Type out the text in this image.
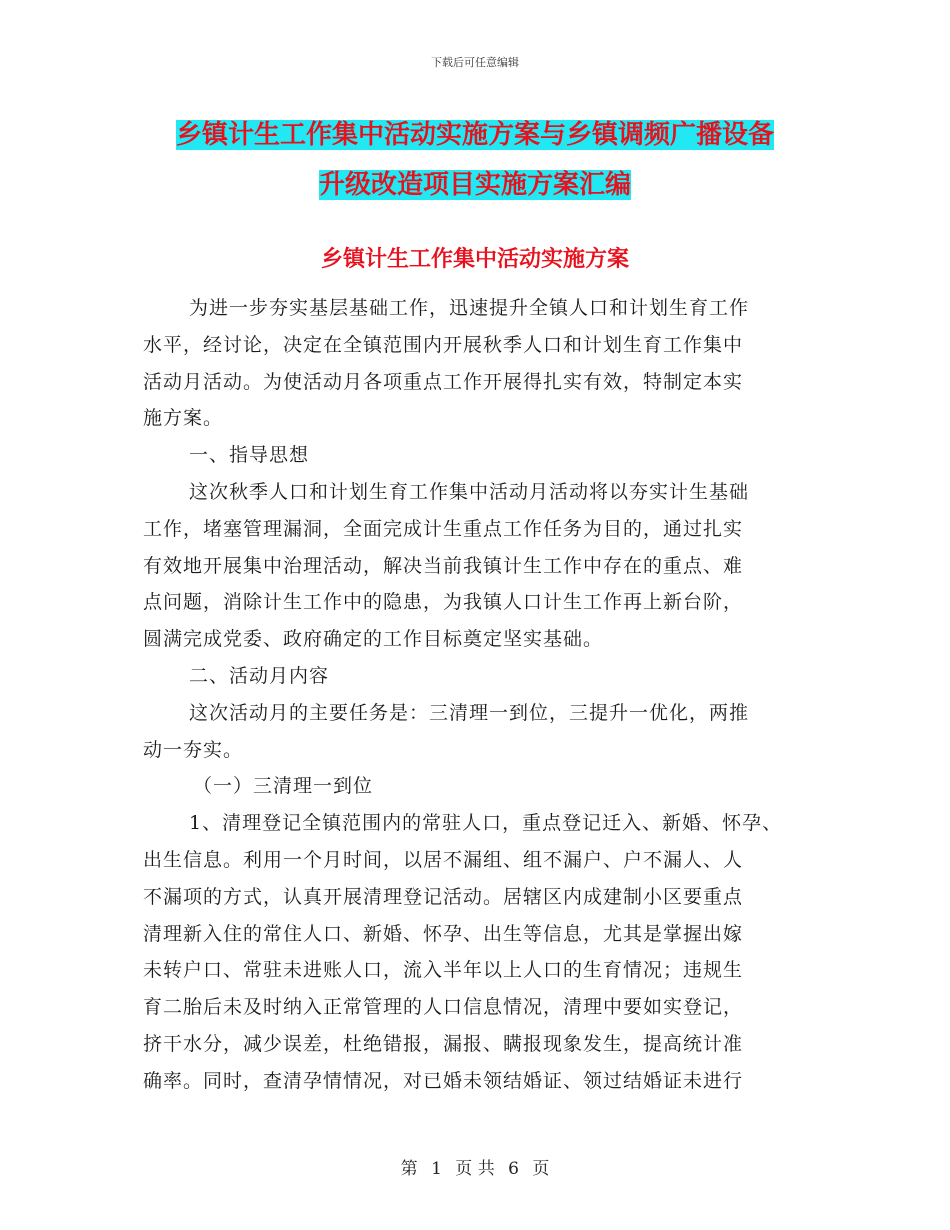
下载后可任意编辑
乡镇计生工作集中活动实施方案与乡镇调频广播设备
升级改造项目实施方案汇编
乡镇计生工作集中活动实施方案
为进一步夯实基层基础工作，迅速提升全镇人口和计划生育工作
水平，经讨论，决定在全镇范围内开展秋季人口和计划生育工作集中
活动月活动。为使活动月各项重点工作开展得扎实有效，特制定本实
施方案。
一、指导思想
这次秋季人口和计划生育工作集中活动月活动将以夯实计生基础
工作，堵塞管理漏洞，全面完成计生重点工作任务为目的，通过扎实
有效地开展集中治理活动，解决当前我镇计生工作中存在的重点、难
点问题，消除计生工作中的隐患，为我镇人口计生工作再上新台阶，
圆满完成党委、政府确定的工作目标奠定坚实基础。
二、活动月内容
这次活动月的主要任务是：三清理一到位，三提升一优化，两推
动一夯实。
（一）三清理一到位
1、清理登记全镇范围内的常驻人口，重点登记迁入、新婚、怀孕、
出生信息。利用一个月时间，以居不漏组、组不漏户、户不漏人、人
不漏项的方式，认真开展清理登记活动。居辖区内成建制小区要重点
清理新入住的常住人口、新婚、怀孕、出生等信息，尤其是掌握出嫁
未转户口、常驻未进账人口，流入半年以上人口的生育情况；违规生
育二胎后未及时纳入正常管理的人口信息情况，清理中要如实登记，
挤干水分，减少误差，杜绝错报，漏报、瞒报现象发生，提高统计准
确率。同时，查清孕情情况，对已婚未领结婚证、领过结婚证未进行
第 1 页 共 6 页
